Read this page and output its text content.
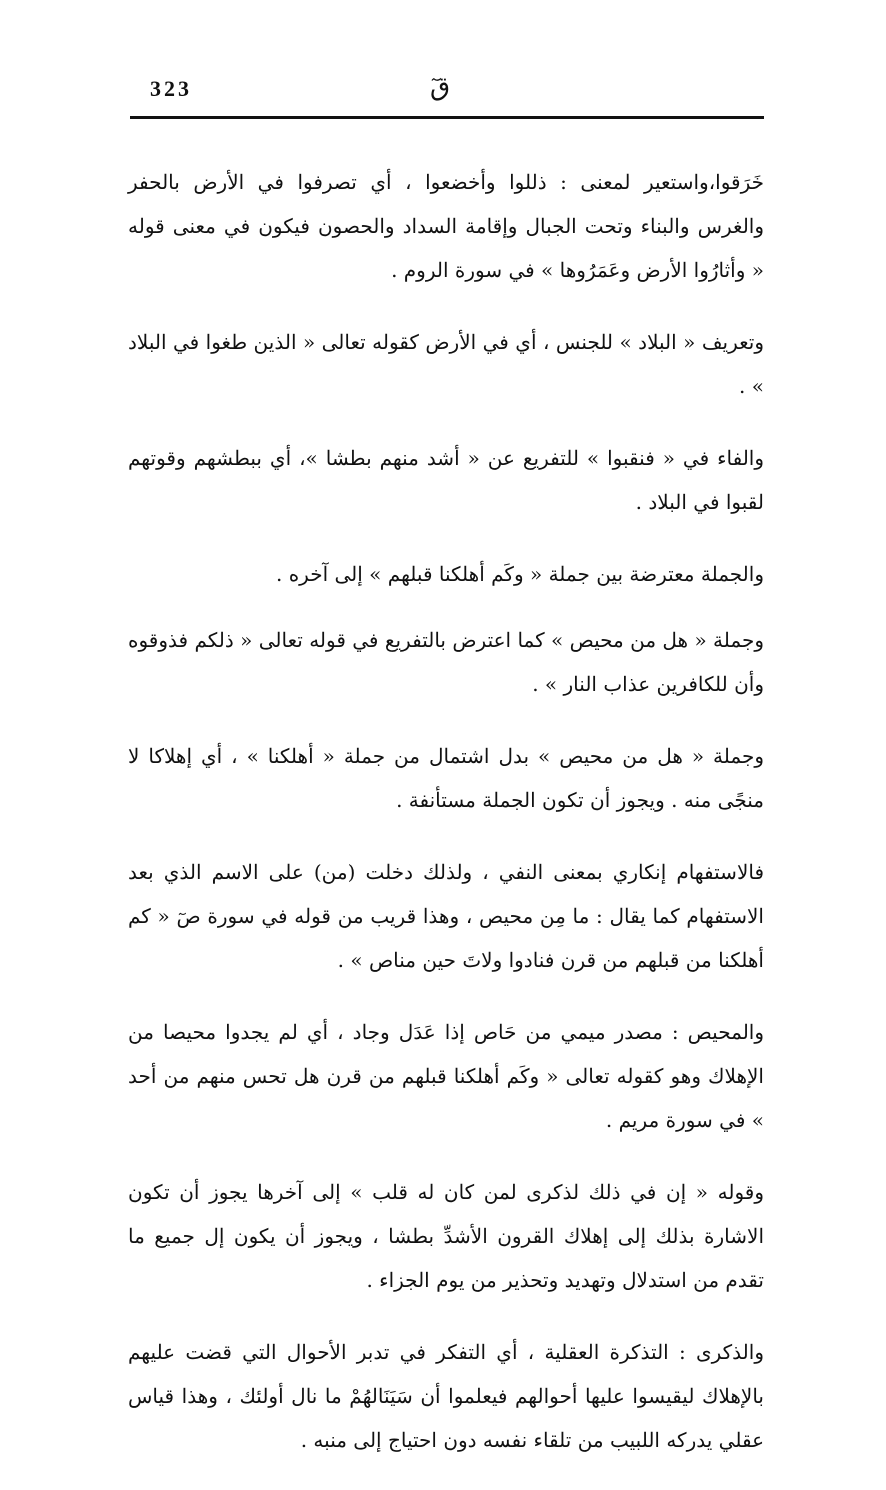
323	قٓ

خَرَقوا،واستعير لمعنى : ذللوا وأخضعوا ، أي تصرفوا في الأرض بالحفر والغرس والبناء وتحت الجبال وإقامة السداد والحصون فيكون في معنى قوله « وأثارُوا الأرض وعَمَرُوها » في سورة الروم .

وتعريف « البلاد » للجنس ، أي في الأرض كقوله تعالى « الذين طغوا في البلاد » .

والفاء في « فنقبوا » للتفريع عن « أشد منهم بطشا »، أي ببطشهم وقوتهم لقبوا في البلاد .

والجملة معترضة بين جملة « وكَم أهلكنا قبلهم » إلى آخره .

وجملة « هل من محيص » كما اعترض بالتفريع في قوله تعالى « ذلكم فذوقوه وأن للكافرين عذاب النار » .

وجملة « هل من محيص » بدل اشتمال من جملة « أهلكنا » ، أي إهلاكا لا منجًى منه . ويجوز أن تكون الجملة مستأنفة .

فالاستفهام إنكاري بمعنى النفي ، ولذلك دخلت (من) على الاسم الذي بعد الاستفهام كما يقال : ما مِن محيص ، وهذا قريب من قوله في سورة صٓ « كم أهلكنا من قبلهم من قرن فنادوا ولاتَ حين مناص » .

والمحيص : مصدر ميمي من حَاص إذا عَدَل وجاد ، أي لم يجدوا محيصا من الإهلاك وهو كقوله تعالى « وكَم أهلكنا قبلهم من قرن هل تحس منهم من أحد » في سورة مريم .

وقوله « إن في ذلك لذكرى لمن كان له قلب » إلى آخرها يجوز أن تكون الاشارة بذلك إلى إهلاك القرون الأشدِّ بطشا ، ويجوز أن يكون إل جميع ما تقدم من استدلال وتهديد وتحذير من يوم الجزاء .

والذكرى : التذكرة العقلية ، أي التفكر في تدبر الأحوال التي قضت عليهم بالإهلاك ليقيسوا عليها أحوالهم فيعلموا أن سَيَنَالهُمْ ما نال أولئك ، وهذا قياس عقلي يدركه اللبيب من تلقاء نفسه دون احتياج إلى منبه .
